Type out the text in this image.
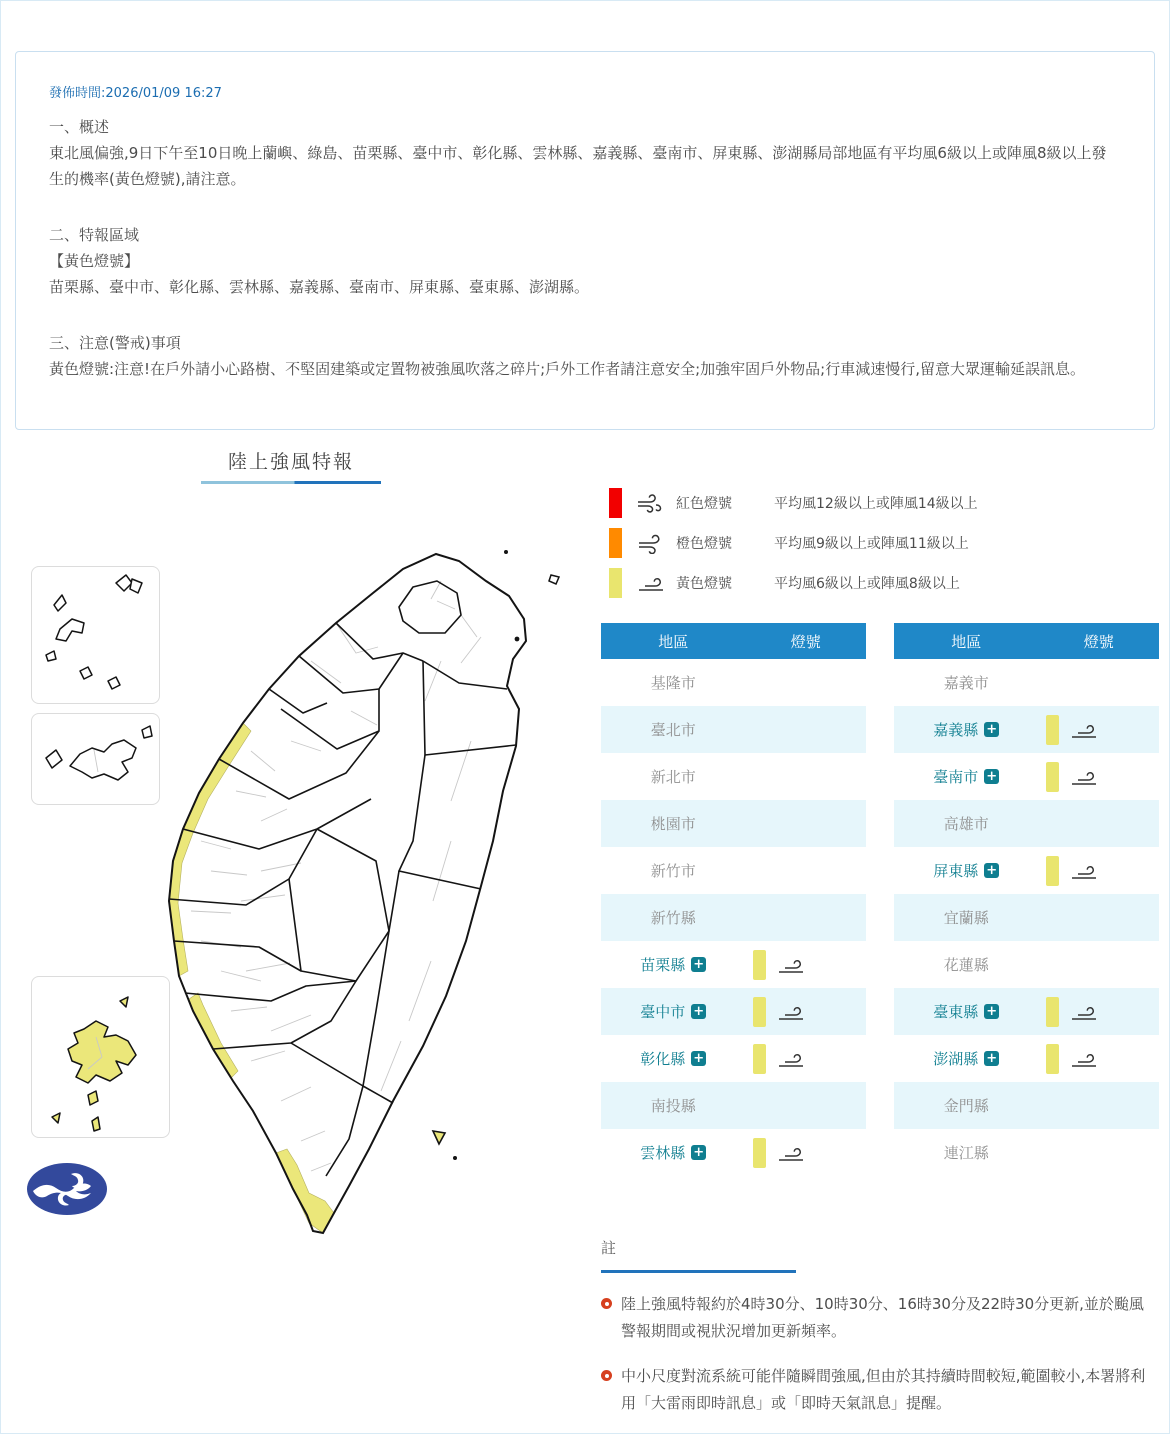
發佈時間:2026/01/09 16:27
一、概述
東北風偏強,9日下午至10日晚上蘭嶼、綠島、苗栗縣、臺中市、彰化縣、雲林縣、嘉義縣、臺南市、屏東縣、澎湖縣局部地區有平均風6級以上或陣風8級以上發生的機率(黃色燈號),請注意。
二、特報區域
【黃色燈號】
苗栗縣、臺中市、彰化縣、雲林縣、嘉義縣、臺南市、屏東縣、臺東縣、澎湖縣。
三、注意(警戒)事項
黃色燈號:注意!在戶外請小心路樹、不堅固建築或定置物被強風吹落之碎片;戶外工作者請注意安全;加強牢固戶外物品;行車減速慢行,留意大眾運輸延誤訊息。
陸上強風特報
紅色燈號	平均風12級以上或陣風14級以上
橙色燈號	平均風9級以上或陣風11級以上
黃色燈號	平均風6級以上或陣風8級以上
地區	燈號
基隆市
臺北市
新北市
桃園市
新竹市
新竹縣
苗栗縣 +
臺中市 +
彰化縣 +
南投縣
雲林縣 +
地區	燈號
嘉義市
嘉義縣 +
臺南市 +
高雄市
屏東縣 +
宜蘭縣
花蓮縣
臺東縣 +
澎湖縣 +
金門縣
連江縣
註
陸上強風特報約於4時30分、10時30分、16時30分及22時30分更新,並於颱風警報期間或視狀況增加更新頻率。
中小尺度對流系統可能伴隨瞬間強風,但由於其持續時間較短,範圍較小,本署將利用「大雷雨即時訊息」或「即時天氣訊息」提醒。
